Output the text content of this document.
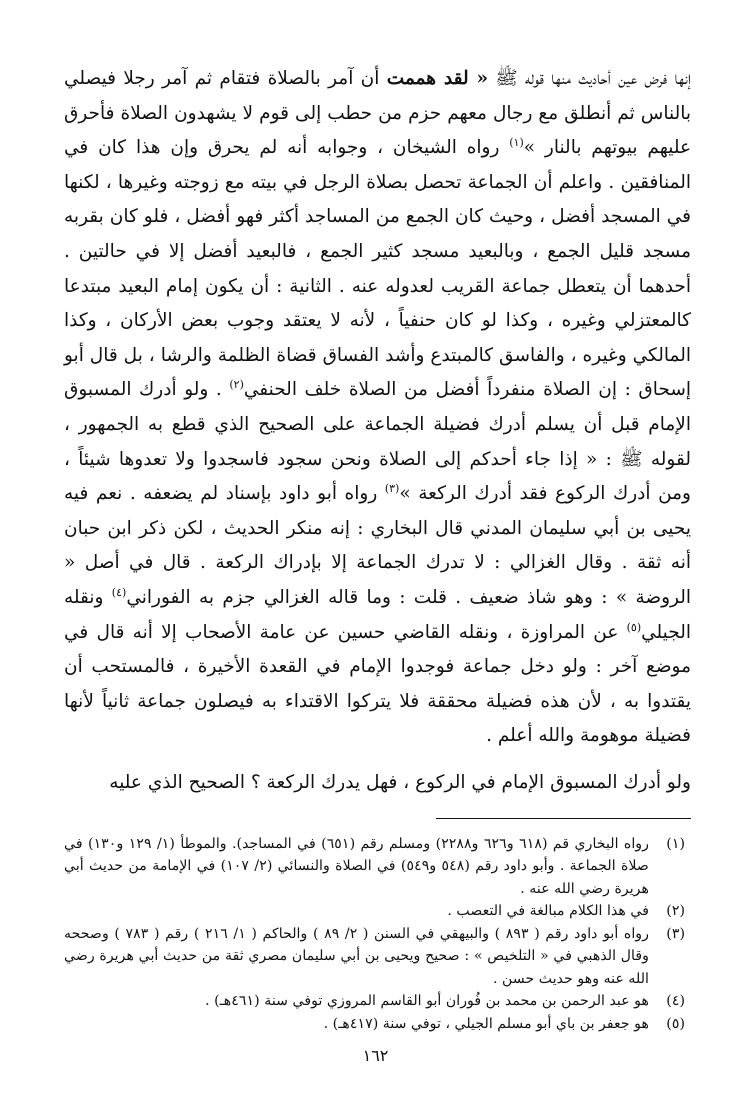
إنها فرض عين أحاديث منها قوله ﷺ « لقد هممت أن آمر بالصلاة فتقام ثم آمر رجلا فيصلي بالناس ثم أنطلق مع رجال معهم حزم من حطب إلى قوم لا يشهدون الصلاة فأحرق عليهم بيوتهم بالنار »$^{(١)}$ رواه الشيخان ، وجوابه أنه لم يحرق وإن هذا كان في المنافقين . واعلم أن الجماعة تحصل بصلاة الرجل في بيته مع زوجته وغيرها ، لكنها في المسجد أفضل ، وحيث كان الجمع من المساجد أكثر فهو أفضل ، فلو كان بقربه مسجد قليل الجمع ، وبالبعيد مسجد كثير الجمع ، فالبعيد أفضل إلا في حالتين . أحدهما أن يتعطل جماعة القريب لعدوله عنه . الثانية : أن يكون إمام البعيد مبتدعا كالمعتزلي وغيره ، وكذا لو كان حنفياً ، لأنه لا يعتقد وجوب بعض الأركان ، وكذا المالكي وغيره ، والفاسق كالمبتدع وأشد الفساق قضاة الظلمة والرشا ، بل قال أبو إسحاق : إن الصلاة منفرداً أفضل من الصلاة خلف الحنفي$^{(٢)}$ . ولو أدرك المسبوق الإمام قبل أن يسلم أدرك فضيلة الجماعة على الصحيح الذي قطع به الجمهور ، لقوله ﷺ : « إذا جاء أحدكم إلى الصلاة ونحن سجود فاسجدوا ولا تعدوها شيئاً ، ومن أدرك الركوع فقد أدرك الركعة »$^{(٣)}$ رواه أبو داود بإسناد لم يضعفه . نعم فيه يحيى بن أبي سليمان المدني قال البخاري : إنه منكر الحديث ، لكن ذكر ابن حبان أنه ثقة . وقال الغزالي : لا تدرك الجماعة إلا بإدراك الركعة . قال في أصل « الروضة » : وهو شاذ ضعيف . قلت : وما قاله الغزالي جزم به الفوراني$^{(٤)}$ ونقله الجيلي$^{(٥)}$ عن المراوزة ، ونقله القاضي حسين عن عامة الأصحاب إلا أنه قال في موضع آخر : ولو دخل جماعة فوجدوا الإمام في القعدة الأخيرة ، فالمستحب أن يقتدوا به ، لأن هذه فضيلة محققة فلا يتركوا الاقتداء به فيصلون جماعة ثانياً لأنها فضيلة موهومة والله أعلم .

ولو أدرك المسبوق الإمام في الركوع ، فهل يدرك الركعة ؟ الصحيح الذي عليه
(١)
رواه البخاري قم (٦١٨ و٦٢٦ و٢٢٨٨) ومسلم رقم (٦٥١) في المساجد). والموطأ (١/ ١٢٩ و١٣٠) في صلاة الجماعة . وأبو داود رقم (٥٤٨ و٥٤٩) في الصلاة والنسائي (٢/ ١٠٧) في الإمامة من حديث أبي هريرة رضي الله عنه .
(٢)
في هذا الكلام مبالغة في التعصب .
(٣)
رواه أبو داود رقم ( ٨٩٣ ) والبيهقي في السنن ( ٢/ ٨٩ ) والحاكم ( ١/ ٢١٦ ) رقم ( ٧٨٣ ) وصححه وقال الذهبي في « التلخيص » : صحيح ويحيى بن أبي سليمان مصري ثقة من حديث أبي هريرة رضي الله عنه وهو حديث حسن .
(٤)
هو عبد الرحمن بن محمد بن فُوران أبو القاسم المروزي توفي سنة (٤٦١هـ) .
(٥)
هو جعفر بن باي أبو مسلم الجيلي ، توفي سنة (٤١٧هـ) .
١٦٢
